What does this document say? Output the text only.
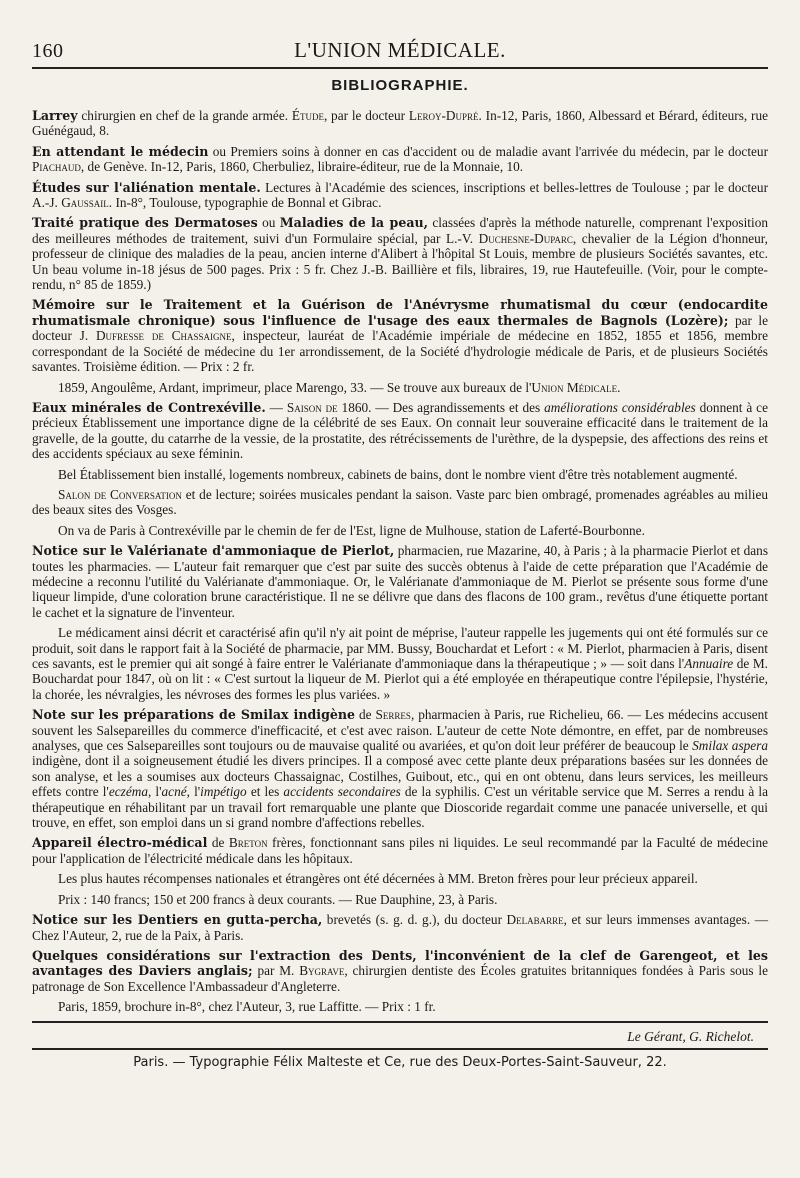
160	L'UNION MÉDICALE.
BIBLIOGRAPHIE.

Larrey chirurgien en chef de la grande armée. Étude, par le docteur Leroy-Dupré. In-12, Paris, 1860, Albessard et Bérard, éditeurs, rue Guénégaud, 8.

En attendant le médecin ou Premiers soins à donner en cas d'accident ou de maladie avant l'arrivée du médecin, par le docteur Piachaud, de Genève. In-12, Paris, 1860, Cherbuliez, libraire-éditeur, rue de la Monnaie, 10.

Études sur l'aliénation mentale. Lectures à l'Académie des sciences, inscriptions et belles-lettres de Toulouse ; par le docteur A.-J. Gaussail. In-8°, Toulouse, typographie de Bonnal et Gibrac.

Traité pratique des Dermatoses ou Maladies de la peau, classées d'après la méthode naturelle, comprenant l'exposition des meilleures méthodes de traitement, suivi d'un Formulaire spécial, par L.-V. Duchesne-Duparc, chevalier de la Légion d'honneur, professeur de clinique des maladies de la peau, ancien interne d'Alibert à l'hôpital St Louis, membre de plusieurs Sociétés savantes, etc. Un beau volume in-18 jésus de 500 pages. Prix : 5 fr. Chez J.-B. Baillière et fils, libraires, 19, rue Hautefeuille. (Voir, pour le compte-rendu, n° 85 de 1859.)

Mémoire sur le Traitement et la Guérison de l'Anévrysme rhumatismal du cœur (endocardite rhumatismale chronique) sous l'influence de l'usage des eaux thermales de Bagnols (Lozère); par le docteur J. Dufresse de Chassaigne, inspecteur, lauréat de l'Académie impériale de médecine en 1852, 1855 et 1856, membre correspondant de la Société de médecine du 1er arrondissement, de la Société d'hydrologie médicale de Paris, et de plusieurs Sociétés savantes. Troisième édition. — Prix : 2 fr.

1859, Angoulême, Ardant, imprimeur, place Marengo, 33. — Se trouve aux bureaux de l'Union Médicale.

Eaux minérales de Contrexéville. — Saison de 1860. — Des agrandissements et des améliorations considérables donnent à ce précieux Établissement une importance digne de la célébrité de ses Eaux. On connait leur souveraine efficacité dans le traitement de la gravelle, de la goutte, du catarrhe de la vessie, de la prostatite, des rétrécissements de l'urèthre, de la dyspepsie, des affections des reins et des accidents spéciaux au sexe féminin.

Bel Établissement bien installé, logements nombreux, cabinets de bains, dont le nombre vient d'être très notablement augmenté.

Salon de Conversation et de lecture; soirées musicales pendant la saison. Vaste parc bien ombragé, promenades agréables au milieu des beaux sites des Vosges.

On va de Paris à Contrexéville par le chemin de fer de l'Est, ligne de Mulhouse, station de Laferté-Bourbonne.

Notice sur le Valérianate d'ammoniaque de Pierlot, pharmacien, rue Mazarine, 40, à Paris ; à la pharmacie Pierlot et dans toutes les pharmacies. — L'auteur fait remarquer que c'est par suite des succès obtenus à l'aide de cette préparation que l'Académie de médecine a reconnu l'utilité du Valérianate d'ammoniaque. Or, le Valérianate d'ammoniaque de M. Pierlot se présente sous forme d'une liqueur limpide, d'une coloration brune caractéristique. Il ne se délivre que dans des flacons de 100 gram., revêtus d'une étiquette portant le cachet et la signature de l'inventeur.

Le médicament ainsi décrit et caractérisé afin qu'il n'y ait point de méprise, l'auteur rappelle les jugements qui ont été formulés sur ce produit, soit dans le rapport fait à la Société de pharmacie, par MM. Bussy, Bouchardat et Lefort : « M. Pierlot, pharmacien à Paris, disent ces savants, est le premier qui ait songé à faire entrer le Valérianate d'ammoniaque dans la thérapeutique ; » — soit dans l'Annuaire de M. Bouchardat pour 1847, où on lit : « C'est surtout la liqueur de M. Pierlot qui a été employée en thérapeutique contre l'épilepsie, l'hystérie, la chorée, les névralgies, les névroses des formes les plus variées. »

Note sur les préparations de Smilax indigène de Serres, pharmacien à Paris, rue Richelieu, 66. — Les médecins accusent souvent les Salsepareilles du commerce d'inefficacité, et c'est avec raison. L'auteur de cette Note démontre, en effet, par de nombreuses analyses, que ces Salsepareilles sont toujours ou de mauvaise qualité ou avariées, et qu'on doit leur préférer de beaucoup le Smilax aspera indigène, dont il a soigneusement étudié les divers principes. Il a composé avec cette plante deux préparations basées sur les données de son analyse, et les a soumises aux docteurs Chassaignac, Costilhes, Guibout, etc., qui en ont obtenu, dans leurs services, les meilleurs effets contre l'eczéma, l'acné, l'impétigo et les accidents secondaires de la syphilis. C'est un véritable service que M. Serres a rendu à la thérapeutique en réhabilitant par un travail fort remarquable une plante que Dioscoride regardait comme une panacée universelle, et qui trouve, en effet, son emploi dans un si grand nombre d'affections rebelles.

Appareil électro-médical de Breton frères, fonctionnant sans piles ni liquides. Le seul recommandé par la Faculté de médecine pour l'application de l'électricité médicale dans les hôpitaux.

Les plus hautes récompenses nationales et étrangères ont été décernées à MM. Breton frères pour leur précieux appareil.

Prix : 140 francs; 150 et 200 francs à deux courants. — Rue Dauphine, 23, à Paris.

Notice sur les Dentiers en gutta-percha, brevetés (s. g. d. g.), du docteur Delabarre, et sur leurs immenses avantages. — Chez l'Auteur, 2, rue de la Paix, à Paris.

Quelques considérations sur l'extraction des Dents, l'inconvénient de la clef de Garengeot, et les avantages des Daviers anglais; par M. Bygrave, chirurgien dentiste des Écoles gratuites britanniques fondées à Paris sous le patronage de Son Excellence l'Ambassadeur d'Angleterre.

Paris, 1859, brochure in-8°, chez l'Auteur, 3, rue Laffitte. — Prix : 1 fr.

Le Gérant, G. Richelot.
Paris. — Typographie Félix Malteste et Ce, rue des Deux-Portes-Saint-Sauveur, 22.
